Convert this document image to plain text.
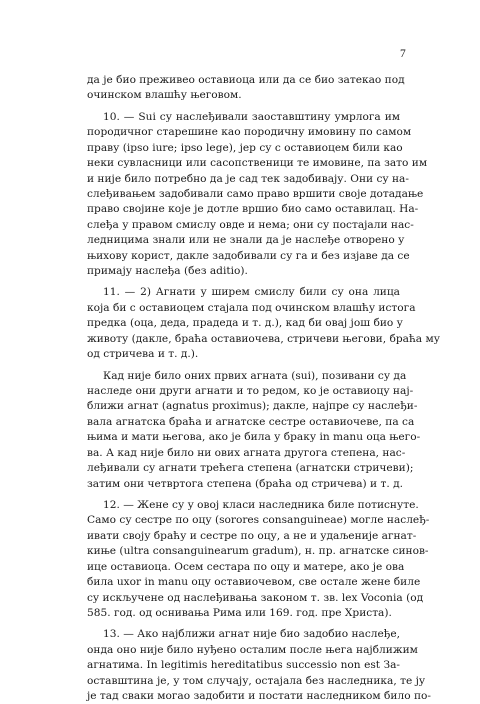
7

да је био преживео оставиоца или да се био затекао под
очинском влашћу његовом.

10. — Sui су наслеђивали заоставштину умрлога им
породичног старешине као породичну имовину по самом
праву (ipso iure; ipso lege), јер су с оставиоцем били као
неки сувласници или сасопственици те имовине, па зато им
и није било потребно да је сад тек задобивају. Они су на-
слеђивањем задобивали само право вршити своје дотадање
право својине које је дотле вршио био само оставилац. На-
слеђа у правом смислу овде и нема; они су постајали нас-
ледницима знали или не знали да је наслеђе отворено у
њихову корист, дакле задобивали су га и без изјаве да се
примају наслеђа (без aditio).

11. — 2) Агнати у ширем смислу били су она лица
која би с оставиоцем стајала под очинском влашћу истога
предка (оца, деда, прадеда и т. д.), кад би овај још био у
животу (дакле, браћа оставиочева, стричеви његови, браћа му
од стричева и т. д.).

Кад није било оних првих агната (sui), позивани су да
наследе они други агнати и то редом, ко је оставиоцу нај-
ближи агнат (agnatus proximus); дакле, најпре су наслеђи-
вала агнатска браћа и агнатске сестре оставиочеве, па са
њима и мати његова, ако је била у браку in manu оца њего-
ва. А кад није било ни ових агната другога степена, нас-
леђивали су агнати трећега степена (агнатски стричеви);
затим они четвртога степена (браћа од стричева) и т. д.

12. — Жене су у овој класи наследника биле потиснуте.
Само су сестре по оцу (sorores consanguineae) могле наслеђ-
ивати своју браћу и сестре по оцу, а не и удаљеније агнат-
киње (ultra consanguinearum gradum), н. пр. агнатске синов-
ице оставиоца. Осем сестара по оцу и матере, ако је ова
била uxor in manu оцу оставиочевом, све остале жене биле
су искључене од наслеђивања законом т. зв. lex Voconia (од
585. год. од оснивања Рима или 169. год. пре Христа).

13. — Ако најближи агнат није био задобио наслеђе,
онда оно није било нуђено осталим после њега најближим
агнатима. In legitimis hereditatibus successio non est За-
оставштина је, у том случају, остајала без наследника, те ју
је тад сваки могао задобити и постати наследником било по-
